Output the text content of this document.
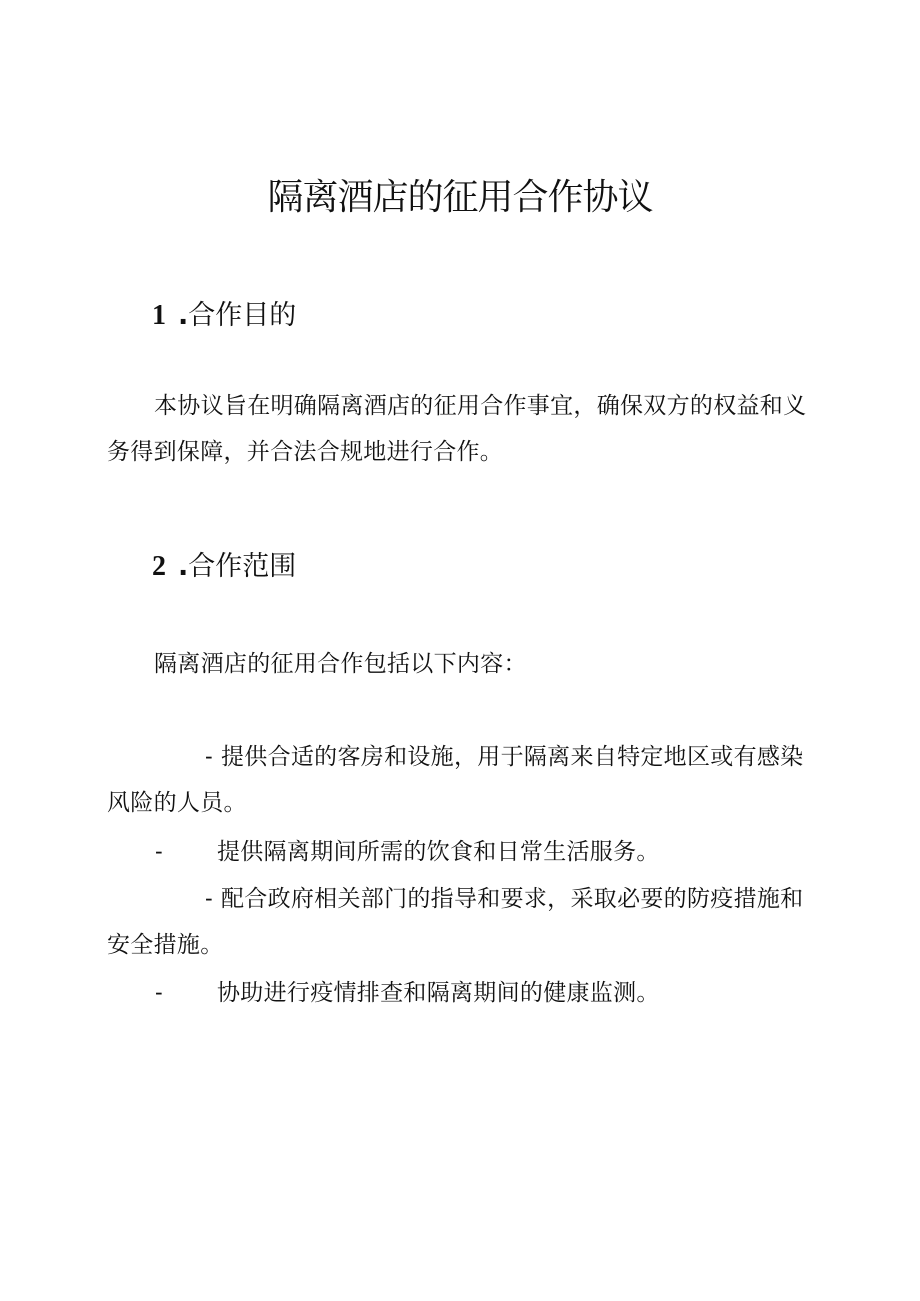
隔离酒店的征用合作协议
1 .合作目的

本协议旨在明确隔离酒店的征用合作事宜，确保双方的权益和义务得到保障，并合法合规地进行合作。

2 .合作范围

隔离酒店的征用合作包括以下内容：

- 提供合适的客房和设施，用于隔离来自特定地区或有感染风险的人员。

- 提供隔离期间所需的饮食和日常生活服务。

- 配合政府相关部门的指导和要求，采取必要的防疫措施和安全措施。

- 协助进行疫情排查和隔离期间的健康监测。
